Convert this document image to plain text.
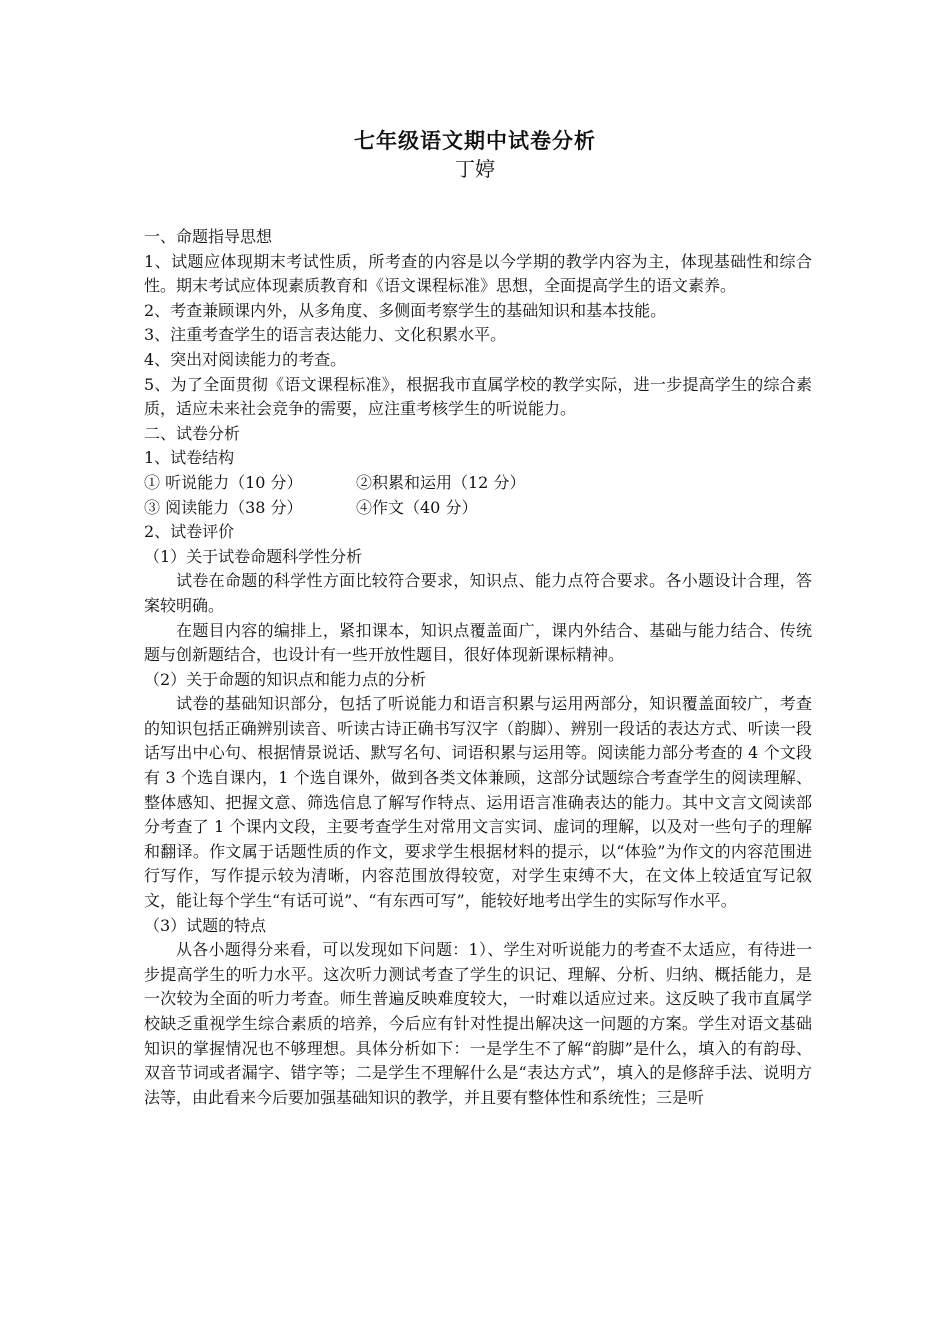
七年级语文期中试卷分析
丁婷

一、命题指导思想

1、试题应体现期末考试性质，所考查的内容是以今学期的教学内容为主，体现基础性和综合性。期末考试应体现素质教育和《语文课程标准》思想，全面提高学生的语文素养。

2、考查兼顾课内外，从多角度、多侧面考察学生的基础知识和基本技能。

3、注重考查学生的语言表达能力、文化积累水平。

4、突出对阅读能力的考查。

5、为了全面贯彻《语文课程标准》，根据我市直属学校的教学实际，进一步提高学生的综合素质，适应未来社会竞争的需要，应注重考核学生的听说能力。

二、试卷分析

1、试卷结构

① 听说能力（10 分）	②积累和运用（12 分）
③ 阅读能力（38 分）	④作文（40 分）

2、试卷评价

（1）关于试卷命题科学性分析

试卷在命题的科学性方面比较符合要求，知识点、能力点符合要求。各小题设计合理，答案较明确。

在题目内容的编排上，紧扣课本，知识点覆盖面广，课内外结合、基础与能力结合、传统题与创新题结合，也设计有一些开放性题目，很好体现新课标精神。

（2）关于命题的知识点和能力点的分析

试卷的基础知识部分，包括了听说能力和语言积累与运用两部分，知识覆盖面较广，考查的知识包括正确辨别读音、听读古诗正确书写汉字（韵脚）、辨别一段话的表达方式、听读一段话写出中心句、根据情景说话、默写名句、词语积累与运用等。阅读能力部分考查的 4 个文段有 3 个选自课内，1 个选自课外，做到各类文体兼顾，这部分试题综合考查学生的阅读理解、整体感知、把握文意、筛选信息了解写作特点、运用语言准确表达的能力。其中文言文阅读部分考查了 1 个课内文段，主要考查学生对常用文言实词、虚词的理解，以及对一些句子的理解和翻译。作文属于话题性质的作文，要求学生根据材料的提示，以“体验”为作文的内容范围进行写作，写作提示较为清晰，内容范围放得较宽，对学生束缚不大，在文体上较适宜写记叙文，能让每个学生“有话可说”、“有东西可写”，能较好地考出学生的实际写作水平。

（3）试题的特点

从各小题得分来看，可以发现如下问题：1）、学生对听说能力的考查不太适应，有待进一步提高学生的听力水平。这次听力测试考查了学生的识记、理解、分析、归纳、概括能力，是一次较为全面的听力考查。师生普遍反映难度较大，一时难以适应过来。这反映了我市直属学校缺乏重视学生综合素质的培养，今后应有针对性提出解决这一问题的方案。学生对语文基础知识的掌握情况也不够理想。具体分析如下：一是学生不了解“韵脚”是什么，填入的有韵母、双音节词或者漏字、错字等；二是学生不理解什么是“表达方式”，填入的是修辞手法、说明方法等，由此看来今后要加强基础知识的教学，并且要有整体性和系统性；三是听
